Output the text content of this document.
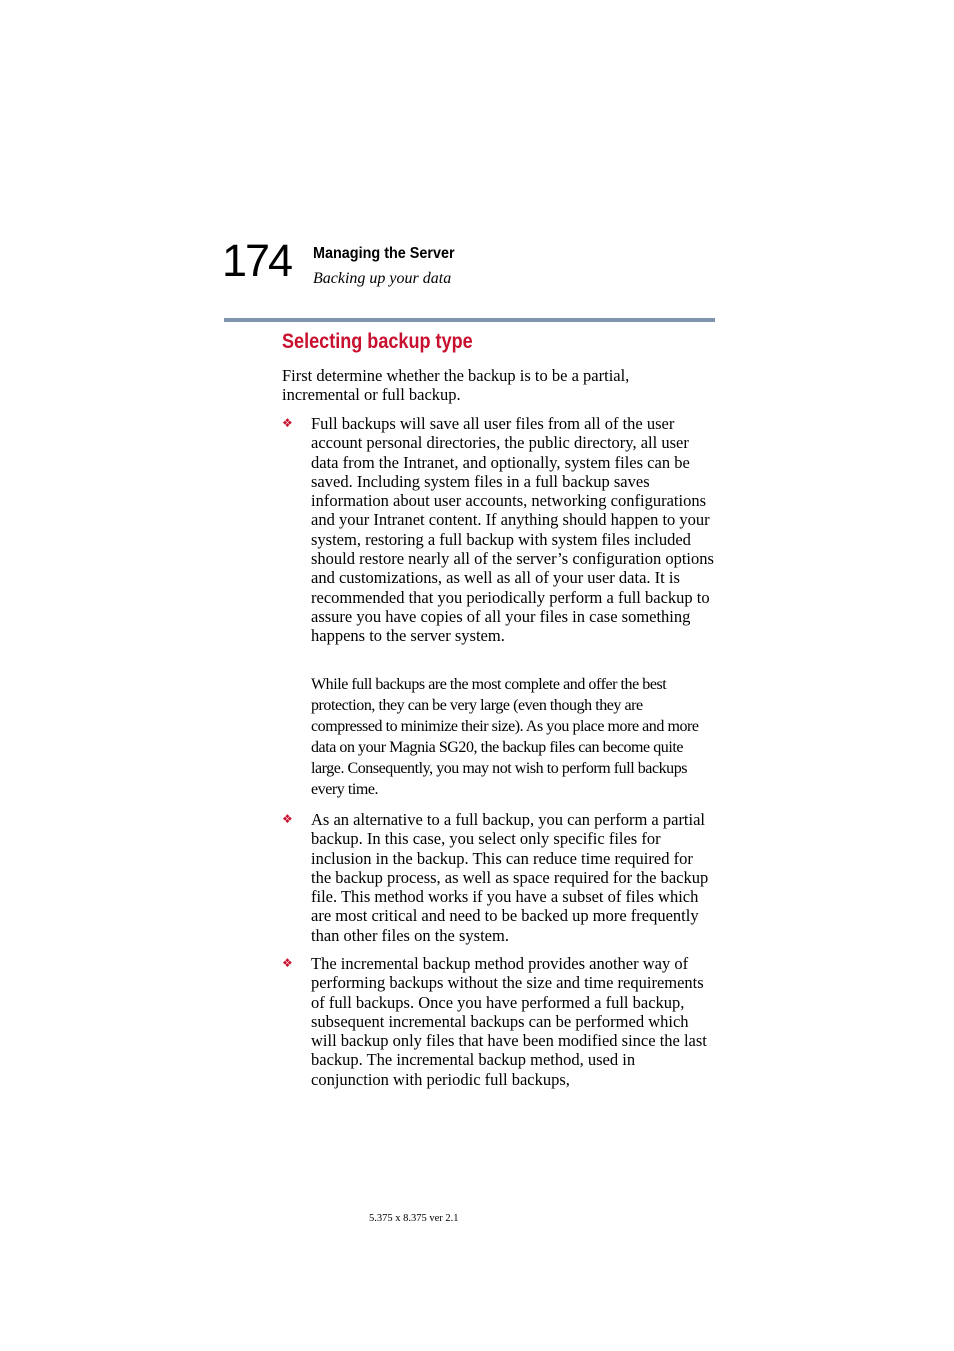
174 Managing the Server
Backing up your data
Selecting backup type
First determine whether the backup is to be a partial, incremental or full backup.
❖ Full backups will save all user files from all of the user account personal directories, the public directory, all user data from the Intranet, and optionally, system files can be saved. Including system files in a full backup saves information about user accounts, networking configurations and your Intranet content. If anything should happen to your system, restoring a full backup with system files included should restore nearly all of the server’s configuration options and customizations, as well as all of your user data. It is recommended that you periodically perform a full backup to assure you have copies of all your files in case something happens to the server system.
While full backups are the most complete and offer the best protection, they can be very large (even though they are compressed to minimize their size). As you place more and more data on your Magnia SG20, the backup files can become quite large. Consequently, you may not wish to perform full backups every time.
❖ As an alternative to a full backup, you can perform a partial backup. In this case, you select only specific files for inclusion in the backup. This can reduce time required for the backup process, as well as space required for the backup file. This method works if you have a subset of files which are most critical and need to be backed up more frequently than other files on the system.
❖ The incremental backup method provides another way of performing backups without the size and time requirements of full backups. Once you have performed a full backup, subsequent incremental backups can be performed which will backup only files that have been modified since the last backup. The incremental backup method, used in conjunction with periodic full backups,
5.375 x 8.375 ver 2.1
